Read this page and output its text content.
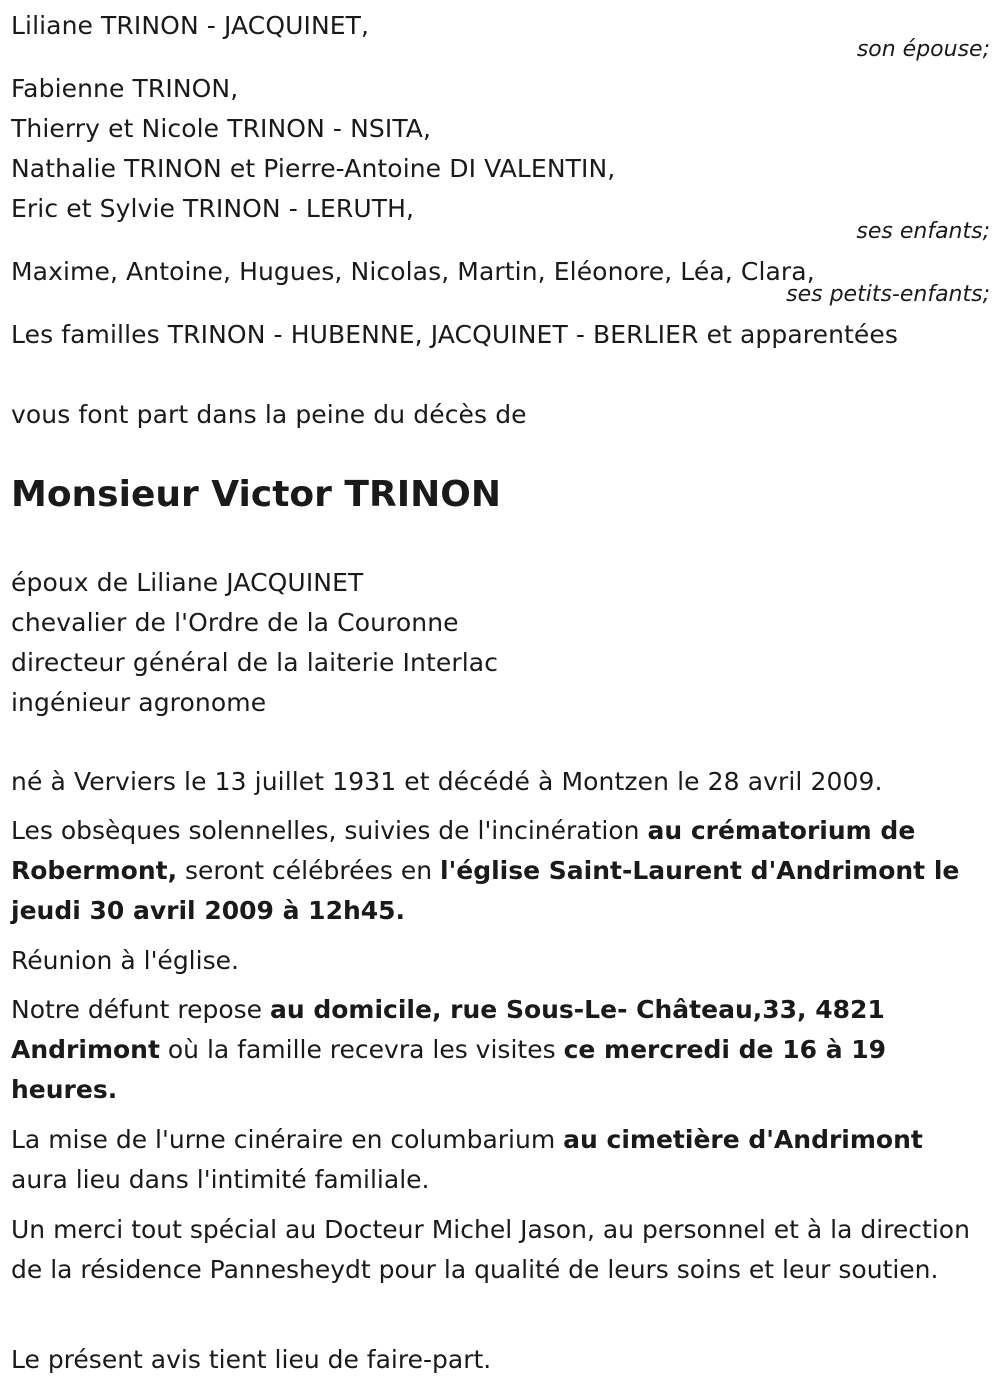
Liliane TRINON - JACQUINET,
son épouse;
Fabienne TRINON,
Thierry et Nicole TRINON - NSITA,
Nathalie TRINON et Pierre-Antoine DI VALENTIN,
Eric et Sylvie TRINON - LERUTH,
ses enfants;
Maxime, Antoine, Hugues, Nicolas, Martin, Eléonore, Léa, Clara,
ses petits-enfants;
Les familles TRINON - HUBENNE, JACQUINET - BERLIER et apparentées
vous font part dans la peine du décès de
Monsieur Victor TRINON
époux de Liliane JACQUINET
chevalier de l'Ordre de la Couronne
directeur général de la laiterie Interlac
ingénieur agronome
né à Verviers le 13 juillet 1931 et décédé à Montzen le 28 avril 2009.
Les obsèques solennelles, suivies de l'incinération au crématorium de Robermont, seront célébrées en l'église Saint-Laurent d'Andrimont le jeudi 30 avril 2009 à 12h45.
Réunion à l'église.
Notre défunt repose au domicile, rue Sous-Le- Château,33, 4821 Andrimont où la famille recevra les visites ce mercredi de 16 à 19 heures.
La mise de l'urne cinéraire en columbarium au cimetière d'Andrimont aura lieu dans l'intimité familiale.
Un merci tout spécial au Docteur Michel Jason, au personnel et à la direction de la résidence Pannesheydt pour la qualité de leurs soins et leur soutien.
Le présent avis tient lieu de faire-part.
